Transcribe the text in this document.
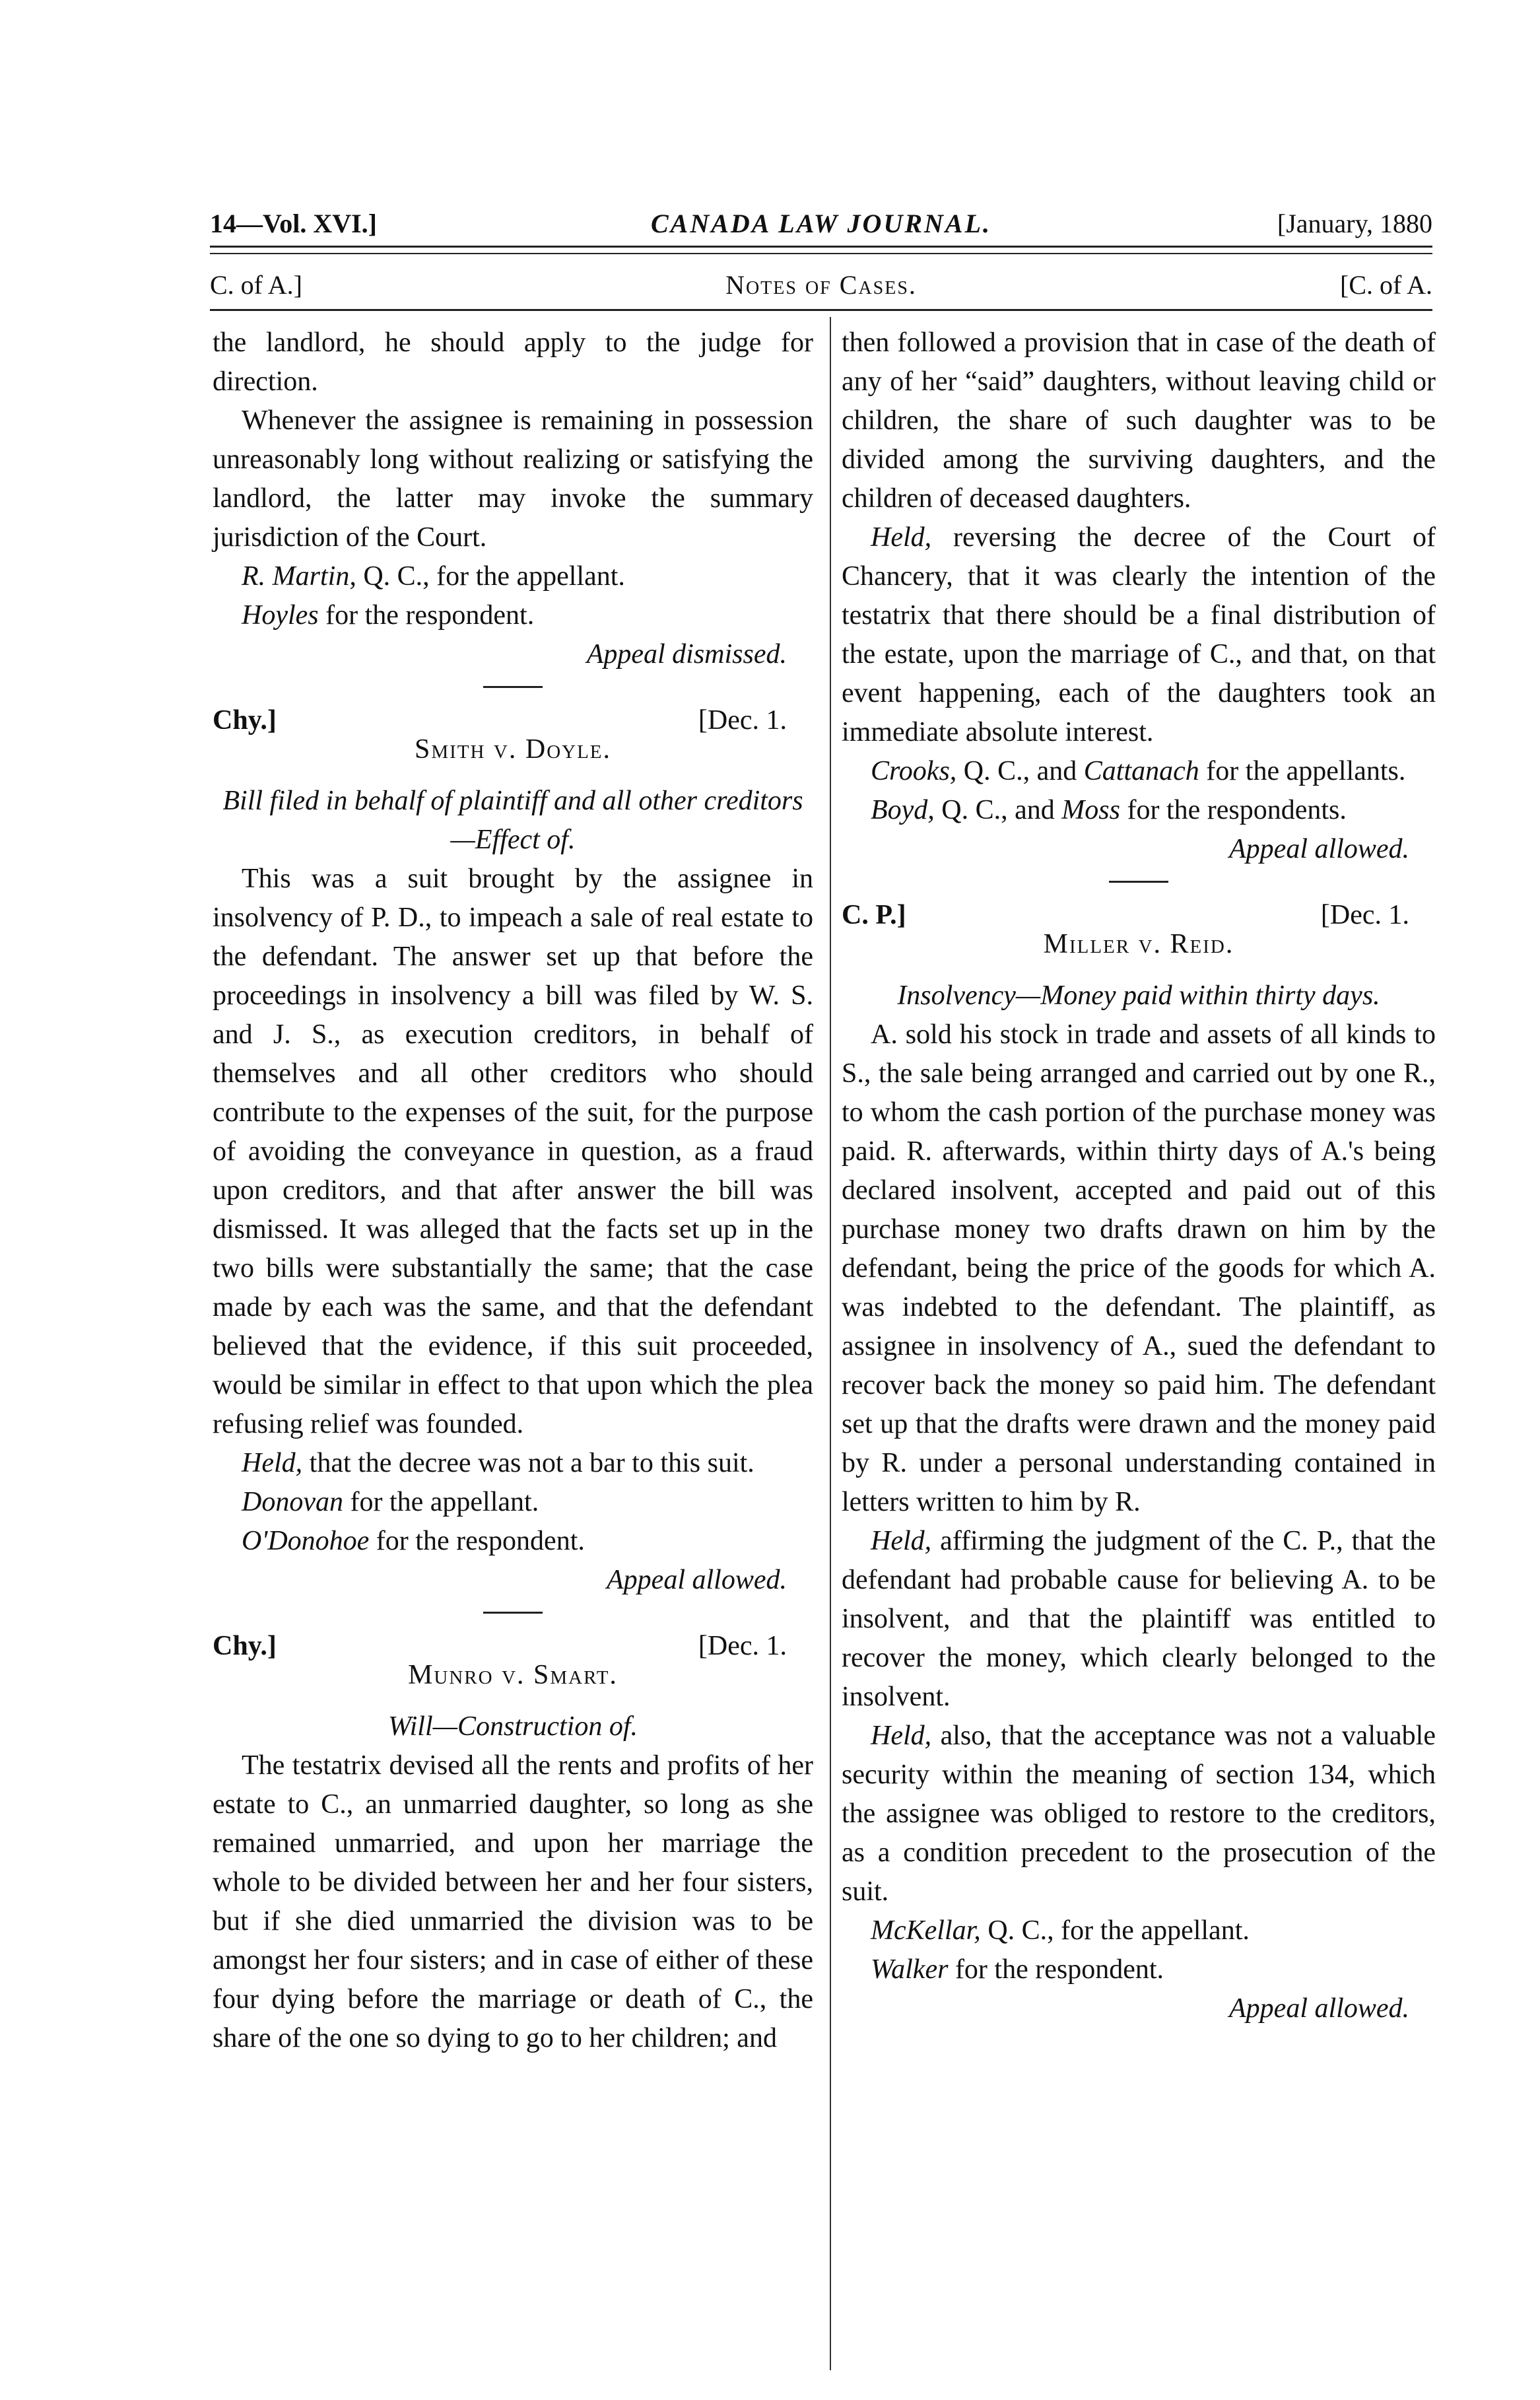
14—Vol. XVI.]	CANADA LAW JOURNAL.	[January, 1880
C. of A.]	Notes of Cases.	[C. of A.

the landlord, he should apply to the judge for direction.

Whenever the assignee is remaining in possession unreasonably long without realizing or satisfying the landlord, the latter may invoke the summary jurisdiction of the Court.

R. Martin, Q. C., for the appellant.

Hoyles for the respondent.

Appeal dismissed.

Chy.]	[Dec. 1.
Smith v. Doyle.

Bill filed in behalf of plaintiff and all other creditors—Effect of.

This was a suit brought by the assignee in insolvency of P. D., to impeach a sale of real estate to the defendant. The answer set up that before the proceedings in insolvency a bill was filed by W. S. and J. S., as execution creditors, in behalf of themselves and all other creditors who should contribute to the expenses of the suit, for the purpose of avoiding the conveyance in question, as a fraud upon creditors, and that after answer the bill was dismissed. It was alleged that the facts set up in the two bills were substantially the same; that the case made by each was the same, and that the defendant believed that the evidence, if this suit proceeded, would be similar in effect to that upon which the plea refusing relief was founded.

Held, that the decree was not a bar to this suit.

Donovan for the appellant.

O'Donohoe for the respondent.

Appeal allowed.

Chy.]	[Dec. 1.
Munro v. Smart.

Will—Construction of.

The testatrix devised all the rents and profits of her estate to C., an unmarried daughter, so long as she remained unmarried, and upon her marriage the whole to be divided between her and her four sisters, but if she died unmarried the division was to be amongst her four sisters; and in case of either of these four dying before the marriage or death of C., the share of the one so dying to go to her children; and

then followed a provision that in case of the death of any of her “said” daughters, without leaving child or children, the share of such daughter was to be divided among the surviving daughters, and the children of deceased daughters.

Held, reversing the decree of the Court of Chancery, that it was clearly the intention of the testatrix that there should be a final distribution of the estate, upon the marriage of C., and that, on that event happening, each of the daughters took an immediate absolute interest.

Crooks, Q. C., and Cattanach for the appellants.

Boyd, Q. C., and Moss for the respondents.

Appeal allowed.

C. P.]	[Dec. 1.
Miller v. Reid.

Insolvency—Money paid within thirty days.

A. sold his stock in trade and assets of all kinds to S., the sale being arranged and carried out by one R., to whom the cash portion of the purchase money was paid. R. afterwards, within thirty days of A.'s being declared insolvent, accepted and paid out of this purchase money two drafts drawn on him by the defendant, being the price of the goods for which A. was indebted to the defendant. The plaintiff, as assignee in insolvency of A., sued the defendant to recover back the money so paid him. The defendant set up that the drafts were drawn and the money paid by R. under a personal understanding contained in letters written to him by R.

Held, affirming the judgment of the C. P., that the defendant had probable cause for believing A. to be insolvent, and that the plaintiff was entitled to recover the money, which clearly belonged to the insolvent.

Held, also, that the acceptance was not a valuable security within the meaning of section 134, which the assignee was obliged to restore to the creditors, as a condition precedent to the prosecution of the suit.

McKellar, Q. C., for the appellant.

Walker for the respondent.

Appeal allowed.
